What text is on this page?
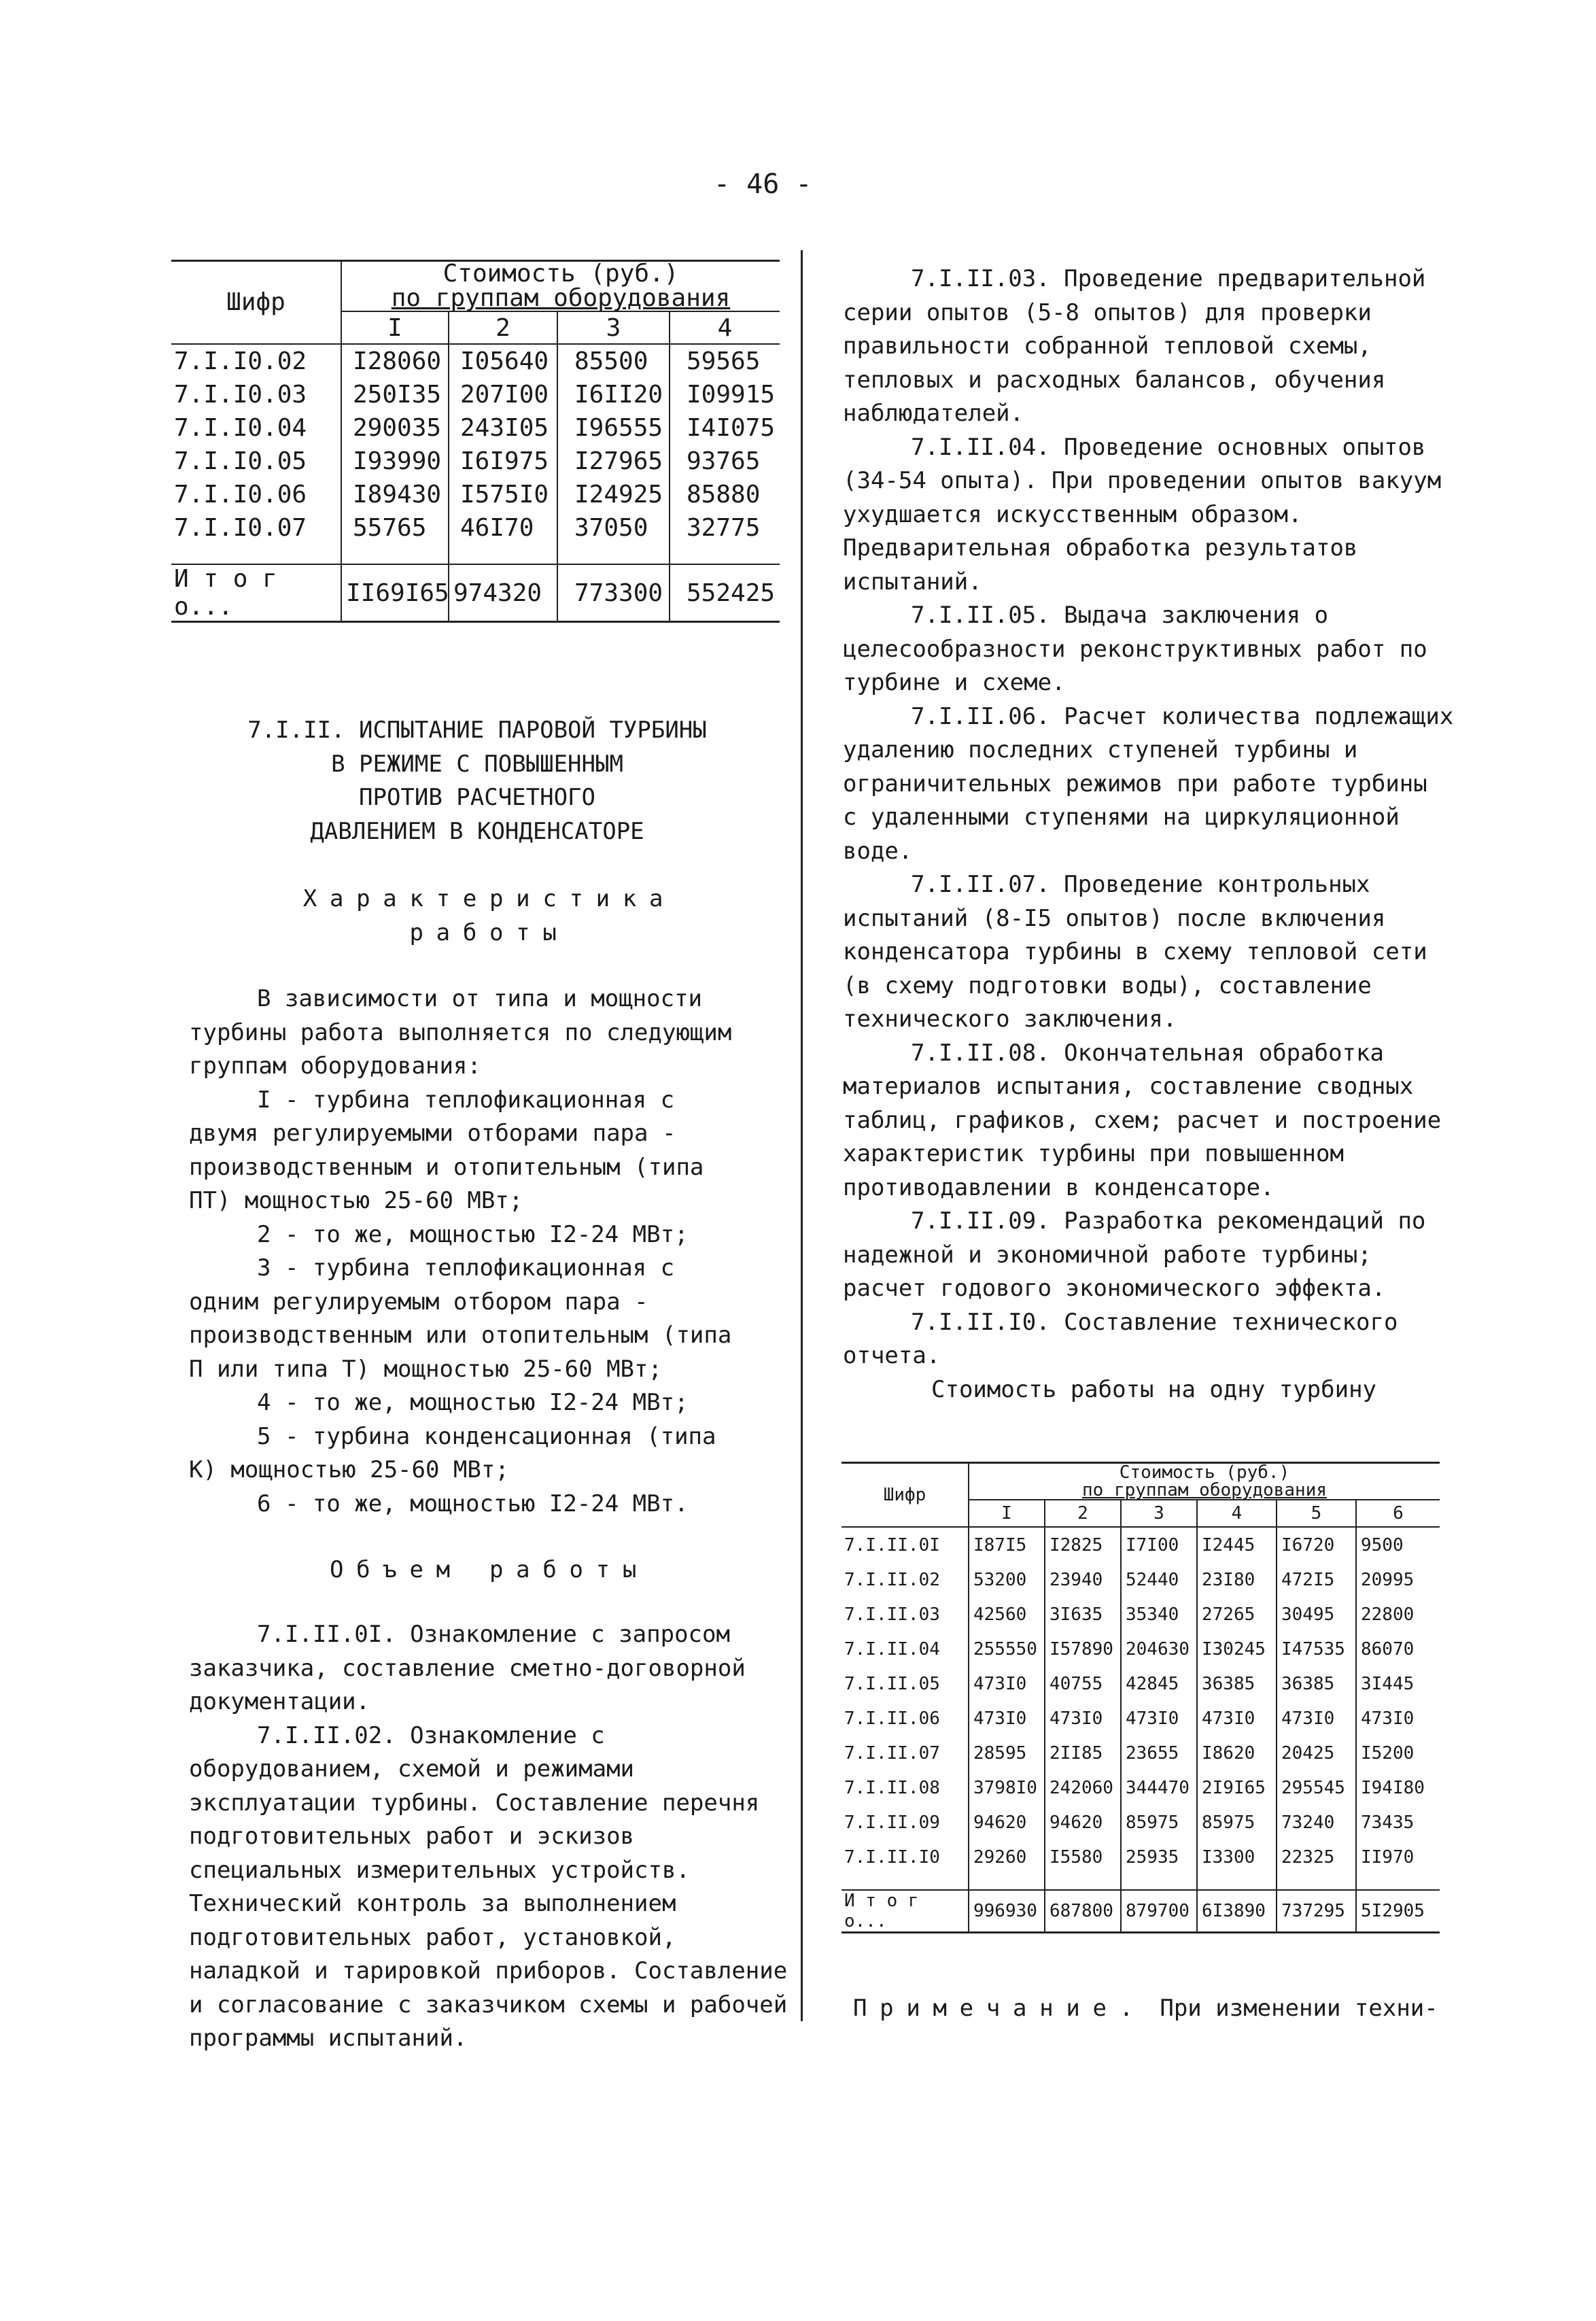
- 46 -
Шифр	Стоимость (руб.)
по группам оборудования			

	I	2	3	4
7.I.I0.02	I28060	I05640	85500	59565
7.I.I0.03	250I35	207I00	I6II20	I09915
7.I.I0.04	290035	243I05	I96555	I4I075
7.I.I0.05	I93990	I6I975	I27965	93765
7.I.I0.06	I89430	I575I0	I24925	85880
7.I.I0.07	55765	46I70	37050	32775

И т о г о...	II69I65	974320	773300	552425
7.I.II. ИСПЫТАНИЕ ПАРОВОЙ ТУРБИНЫ
В РЕЖИМЕ С ПОВЫШЕННЫМ
ПРОТИВ РАСЧЕТНОГО
ДАВЛЕНИЕМ В КОНДЕНСАТОРЕ
Характеристика
работы

В зависимости от типа и мощности турбины работа выполняется по следующим группам оборудования:

I - турбина теплофикационная с двумя регулируемыми отборами пара - производственным и отопительным (типа ПТ) мощностью 25-60 МВт;

2 - то же, мощностью I2-24 МВт;

3 - турбина теплофикационная с одним регулируемым отбором пара - производственным или отопительным (типа П или типа Т) мощностью 25-60 МВт;

4 - то же, мощностью I2-24 МВт;

5 - турбина конденсационная (типа К) мощностью 25-60 МВт;

6 - то же, мощностью I2-24 МВт.

Объем работы

7.I.II.0I. Ознакомление с запросом заказчика, составление сметно-договорной документации.

7.I.II.02. Ознакомление с оборудованием, схемой и режимами эксплуатации турбины. Составление перечня подготовительных работ и эскизов специальных измерительных устройств. Технический контроль за выполнением подготовительных работ, установкой, наладкой и тарировкой приборов. Составление и согласование с заказчиком схемы и рабочей программы испытаний.

7.I.II.03. Проведение предварительной серии опытов (5-8 опытов) для проверки правильности собранной тепловой схемы, тепловых и расходных балансов, обучения наблюдателей.

7.I.II.04. Проведение основных опытов (34-54 опыта). При проведении опытов вакуум ухудшается искусственным образом. Предварительная обработка результатов испытаний.

7.I.II.05. Выдача заключения о целесообразности реконструктивных работ по турбине и схеме.

7.I.II.06. Расчет количества подлежащих удалению последних ступеней турбины и ограничительных режимов при работе турбины с удаленными ступенями на циркуляционной воде.

7.I.II.07. Проведение контрольных испытаний (8-I5 опытов) после включения конденсатора турбины в схему тепловой сети (в схему подготовки воды), составление технического заключения.

7.I.II.08. Окончательная обработка материалов испытания, составление сводных таблиц, графиков, схем; расчет и построение характеристик турбины при повышенном противодавлении в конденсаторе.

7.I.II.09. Разработка рекомендаций по надежной и экономичной работе турбины; расчет годового экономического эффекта.

7.I.II.I0. Составление технического отчета.

Стоимость работы на одну турбину
Шифр	Стоимость (руб.)
по группам оборудования					

	I	2	3	4	5	6
7.I.II.0I	I87I5	I2825	I7I00	I2445	I6720	9500
7.I.II.02	53200	23940	52440	23I80	472I5	20995
7.I.II.03	42560	3I635	35340	27265	30495	22800
7.I.II.04	255550	I57890	204630	I30245	I47535	86070
7.I.II.05	473I0	40755	42845	36385	36385	3I445
7.I.II.06	473I0	473I0	473I0	473I0	473I0	473I0
7.I.II.07	28595	2II85	23655	I8620	20425	I5200
7.I.II.08	3798I0	242060	344470	2I9I65	295545	I94I80
7.I.II.09	94620	94620	85975	85975	73240	73435
7.I.II.I0	29260	I5580	25935	I3300	22325	II970

И т о г о...	996930	687800	879700	6I3890	737295	5I2905
Примечание. При изменении техни-
